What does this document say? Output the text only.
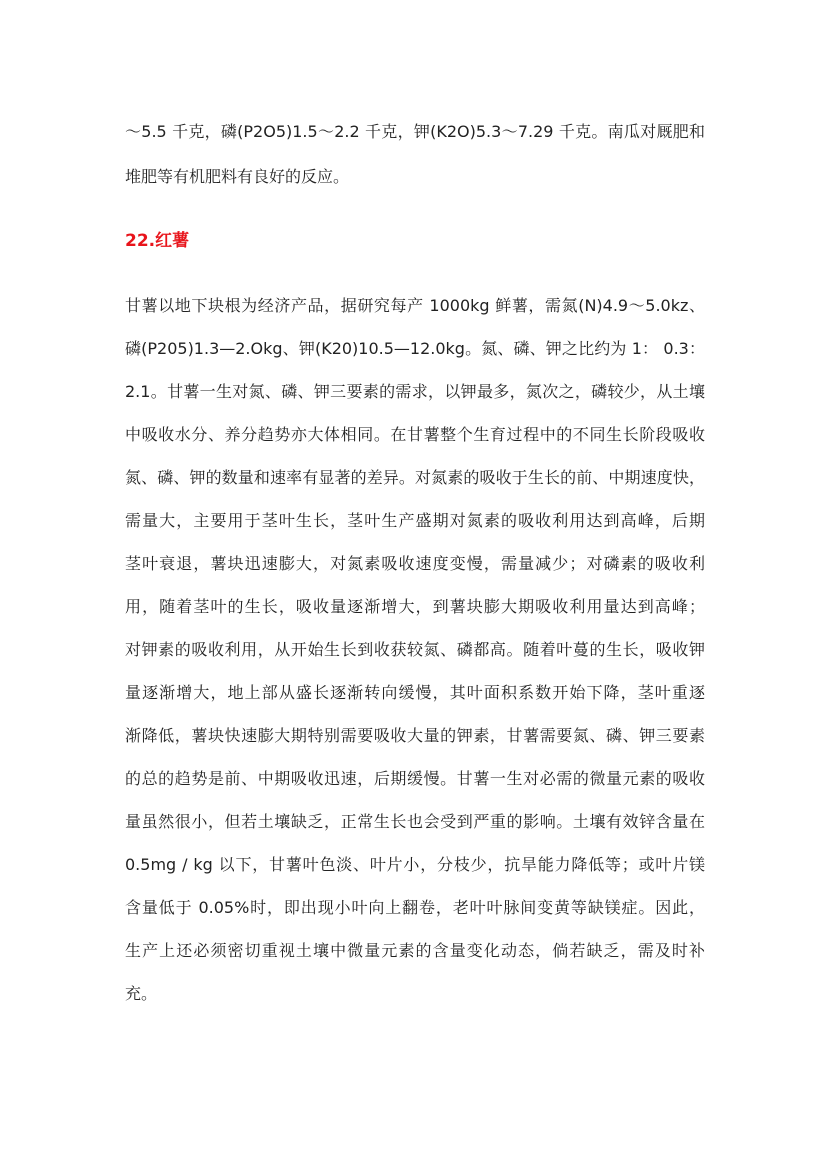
～5.5 千克，磷(P2O5)1.5～2.2 千克，钾(K2O)5.3～7.29 千克。南瓜对厩肥和
堆肥等有机肥料有良好的反应。
22.红薯
甘薯以地下块根为经济产品，据研究每产 1000kg 鲜薯，需氮(N)4.9～5.0kz、
磷(P205)1.3—2.Okg、钾(K20)10.5—12.0kg。氮、磷、钾之比约为 1： 0.3：
2.1。甘薯一生对氮、磷、钾三要素的需求，以钾最多，氮次之，磷较少，从土壤
中吸收水分、养分趋势亦大体相同。在甘薯整个生育过程中的不同生长阶段吸收
氮、磷、钾的数量和速率有显著的差异。对氮素的吸收于生长的前、中期速度快，
需量大，主要用于茎叶生长，茎叶生产盛期对氮素的吸收利用达到高峰，后期
茎叶衰退，薯块迅速膨大，对氮素吸收速度变慢，需量减少；对磷素的吸收利
用，随着茎叶的生长，吸收量逐渐增大，到薯块膨大期吸收利用量达到高峰；
对钾素的吸收利用，从开始生长到收获较氮、磷都高。随着叶蔓的生长，吸收钾
量逐渐增大，地上部从盛长逐渐转向缓慢，其叶面积系数开始下降，茎叶重逐
渐降低，薯块快速膨大期特别需要吸收大量的钾素，甘薯需要氮、磷、钾三要素
的总的趋势是前、中期吸收迅速，后期缓慢。甘薯一生对必需的微量元素的吸收
量虽然很小，但若土壤缺乏，正常生长也会受到严重的影响。土壤有效锌含量在
0.5mg / kg 以下，甘薯叶色淡、叶片小，分枝少，抗旱能力降低等；或叶片镁
含量低于 0.05%时，即出现小叶向上翻卷，老叶叶脉间变黄等缺镁症。因此，
生产上还必须密切重视土壤中微量元素的含量变化动态，倘若缺乏，需及时补
充。
